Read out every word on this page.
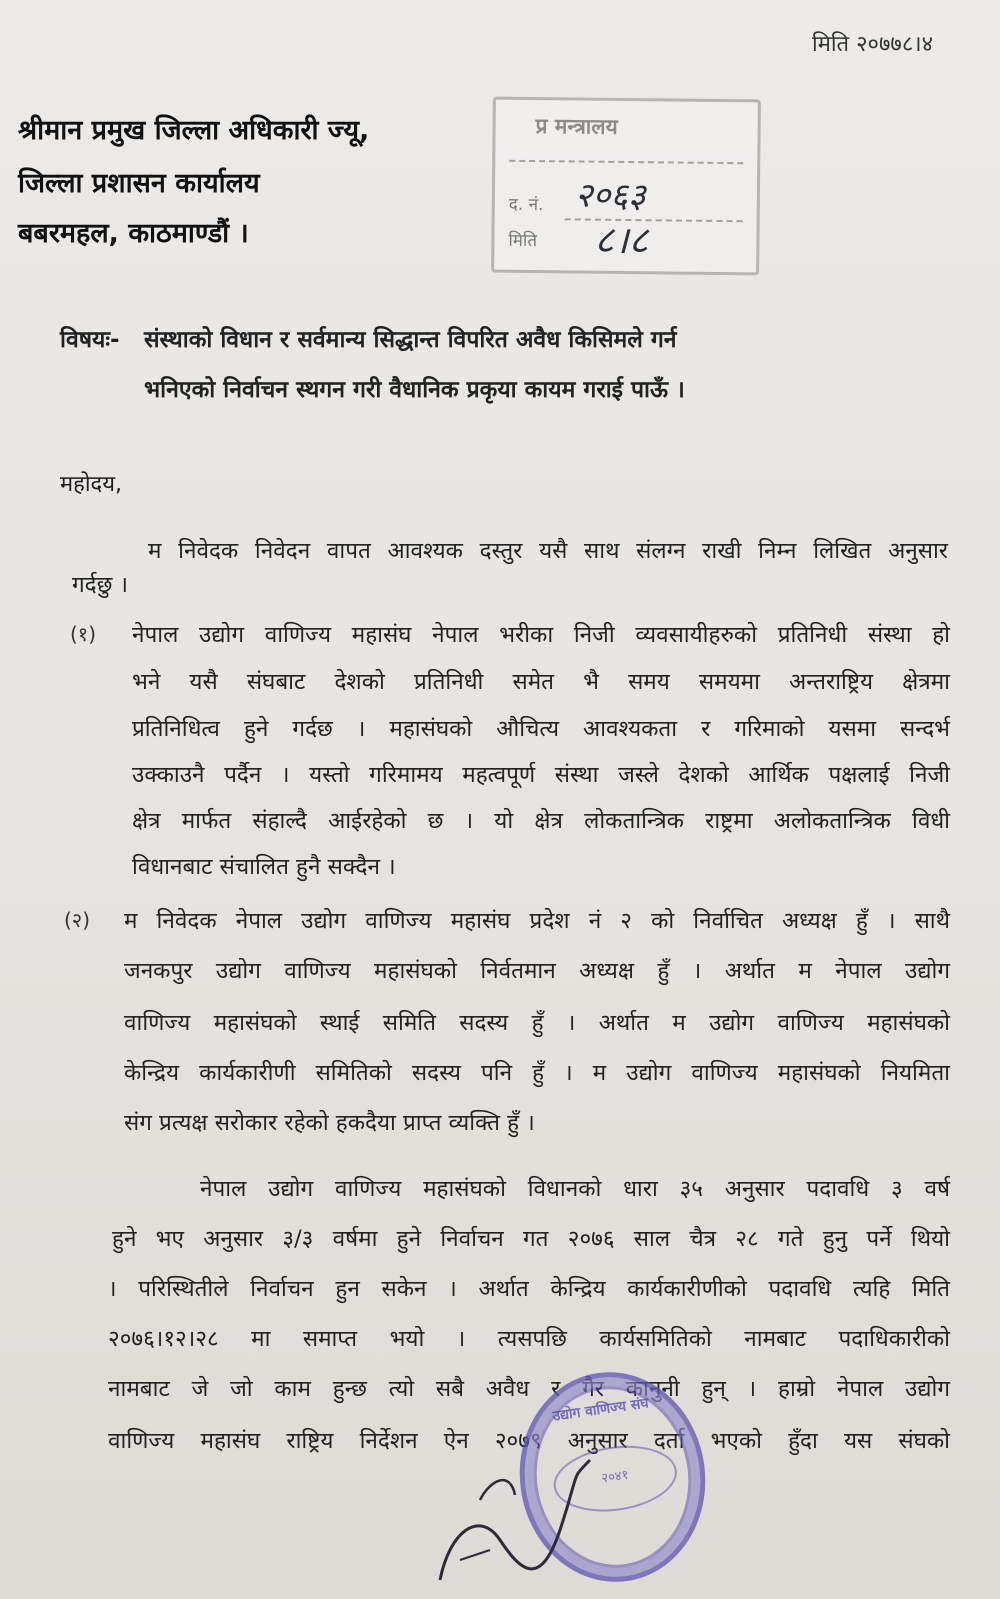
मिति २०७७८।४
श्रीमान प्रमुख जिल्ला अधिकारी ज्यू,
जिल्ला प्रशासन कार्यालय
बबरमहल, काठमाण्डौं ।
प्र मन्त्रालय
द. नं. २०६३
मिति ८।८
विषयः- संस्थाको विधान र सर्वमान्य सिद्धान्त विपरित अवैध किसिमले गर्न
भनिएको निर्वाचन स्थगन गरी वैधानिक प्रकृया कायम गराई पाऊँ ।
महोदय,
म निवेदक निवेदन वापत आवश्यक दस्तुर यसै साथ संलग्न राखी निम्न लिखित अनुसार
गर्दछु ।
(१) नेपाल उद्योग वाणिज्य महासंघ नेपाल भरीका निजी व्यवसायीहरुको प्रतिनिधी संस्था हो
भने यसै संघबाट देशको प्रतिनिधी समेत भै समय समयमा अन्तराष्ट्रिय क्षेत्रमा
प्रतिनिधित्व हुने गर्दछ । महासंघको औचित्य आवश्यकता र गरिमाको यसमा सन्दर्भ
उक्काउनै पर्दैन । यस्तो गरिमामय महत्वपूर्ण संस्था जस्ले देशको आर्थिक पक्षलाई निजी
क्षेत्र मार्फत संहाल्दै आईरहेको छ । यो क्षेत्र लोकतान्त्रिक राष्ट्रमा अलोकतान्त्रिक विधी
विधानबाट संचालित हुनै सक्दैन ।
(२) म निवेदक नेपाल उद्योग वाणिज्य महासंघ प्रदेश नं २ को निर्वाचित अध्यक्ष हुँ । साथै
जनकपुर उद्योग वाणिज्य महासंघको निर्वतमान अध्यक्ष हुँ । अर्थात म नेपाल उद्योग
वाणिज्य महासंघको स्थाई समिति सदस्य हुँ । अर्थात म उद्योग वाणिज्य महासंघको
केन्द्रिय कार्यकारीणी समितिको सदस्य पनि हुँ । म उद्योग वाणिज्य महासंघको नियमिता
संग प्रत्यक्ष सरोकार रहेको हकदैया प्राप्त व्यक्ति हुँ ।
नेपाल उद्योग वाणिज्य महासंघको विधानको धारा ३५ अनुसार पदावधि ३ वर्ष
हुने भए अनुसार ३/३ वर्षमा हुने निर्वाचन गत २०७६ साल चैत्र २८ गते हुनु पर्ने थियो
। परिस्थितीले निर्वाचन हुन सकेन । अर्थात केन्द्रिय कार्यकारीणीको पदावधि त्यहि मिति
२०७६।१२।२८ मा समाप्त भयो । त्यसपछि कार्यसमितिको नामबाट पदाधिकारीको
नामबाट जे जो काम हुन्छ त्यो सबै अवैध र गैर कानुनी हुन् । हाम्रो नेपाल उद्योग
वाणिज्य महासंघ राष्ट्रिय निर्देशन ऐन २०७९ अनुसार दर्ता भएको हुँदा यस संघको
उद्योग वाणिज्य संघ
२०४१
